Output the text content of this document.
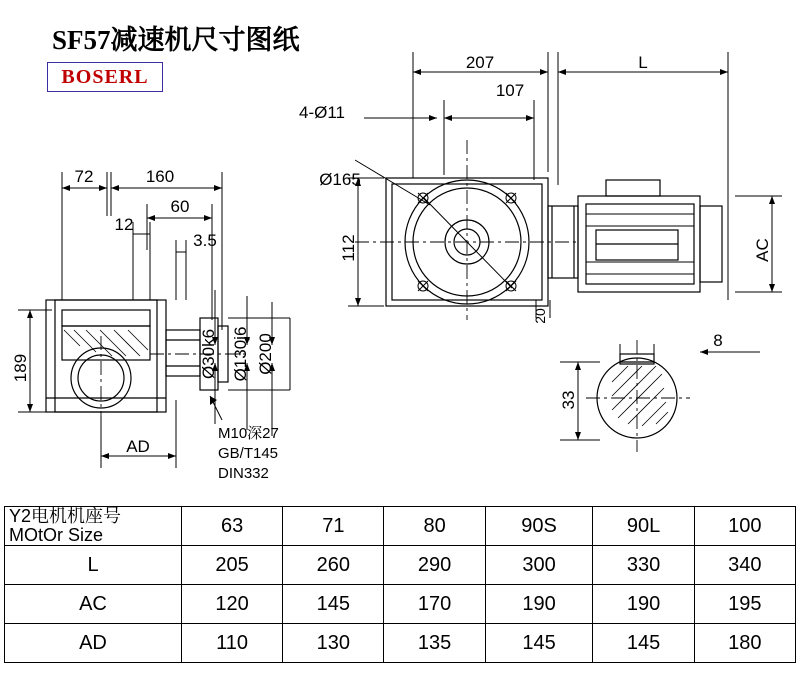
SF57减速机尺寸图纸
BOSERL
207	L
4-Ø11
107
Ø165
112
20
AC
72	160
60
12
3.5
189
AD
Ø30k6 Ø130j6 Ø200	8
33
M10深27
GB/T145
DIN332
Y2电机机座号
MOtOr Size	63	71	80	90S	90L	100
L	205	260	290	300	330	340
AC	120	145	170	190	190	195
AD	110	130	135	145	145	180
